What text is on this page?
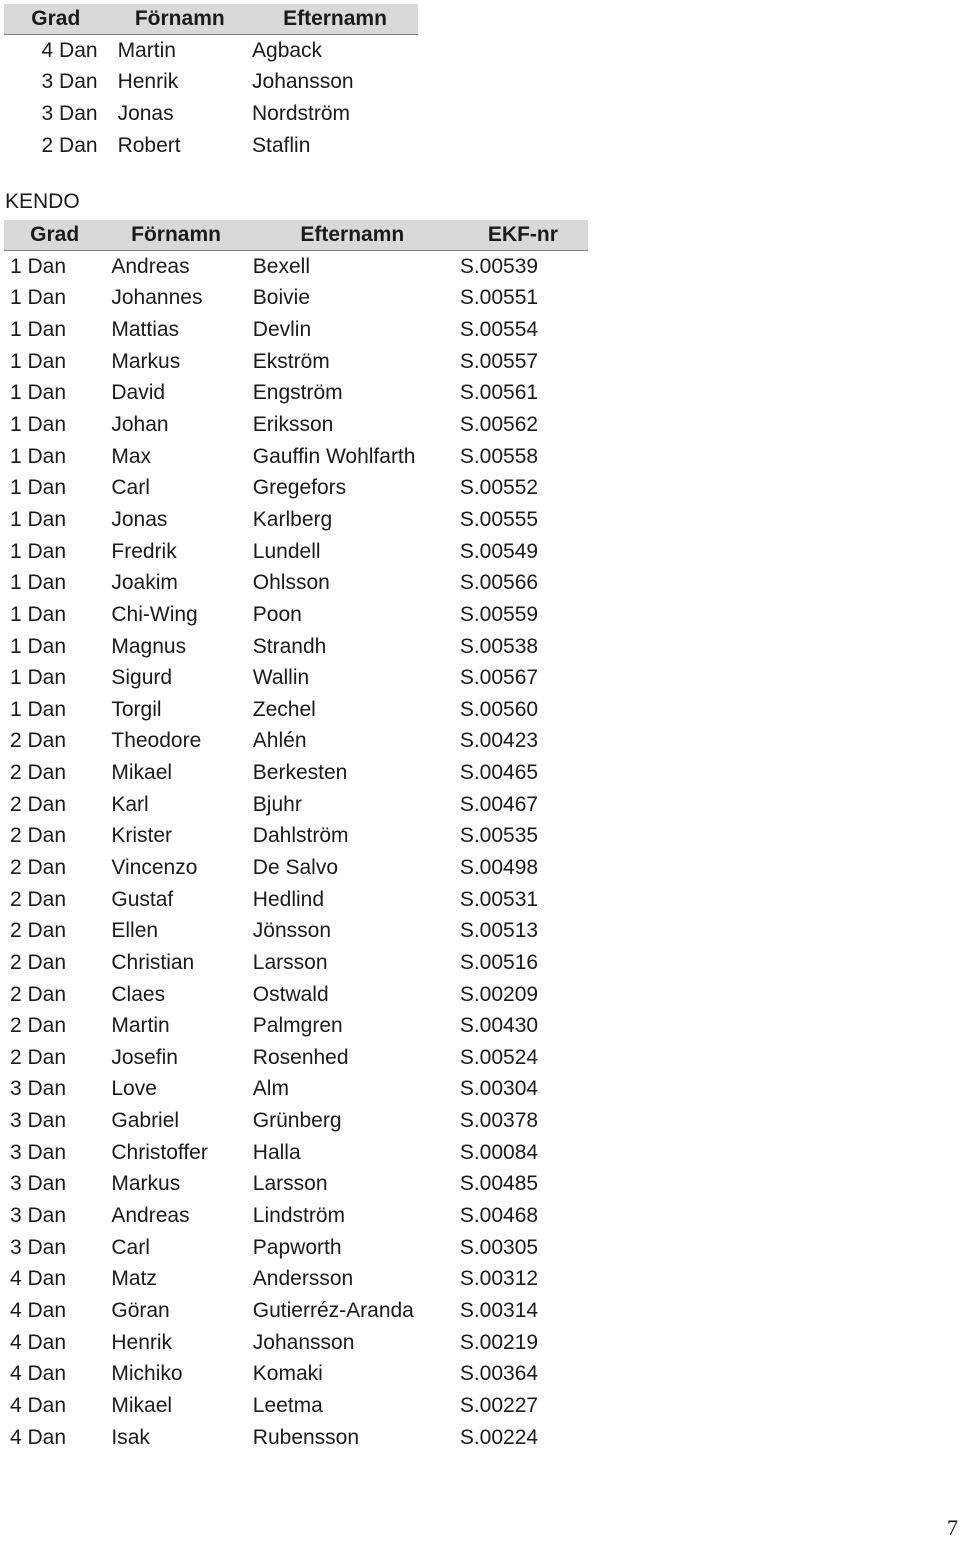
Grad	Förnamn	Efternamn
4 Dan	Martin	Agback
3 Dan	Henrik	Johansson
3 Dan	Jonas	Nordström
2 Dan	Robert	Staflin
KENDO
Grad	Förnamn	Efternamn	EKF-nr
1 Dan	Andreas	Bexell	S.00539
1 Dan	Johannes	Boivie	S.00551
1 Dan	Mattias	Devlin	S.00554
1 Dan	Markus	Ekström	S.00557
1 Dan	David	Engström	S.00561
1 Dan	Johan	Eriksson	S.00562
1 Dan	Max	Gauffin Wohlfarth	S.00558
1 Dan	Carl	Gregefors	S.00552
1 Dan	Jonas	Karlberg	S.00555
1 Dan	Fredrik	Lundell	S.00549
1 Dan	Joakim	Ohlsson	S.00566
1 Dan	Chi-Wing	Poon	S.00559
1 Dan	Magnus	Strandh	S.00538
1 Dan	Sigurd	Wallin	S.00567
1 Dan	Torgil	Zechel	S.00560
2 Dan	Theodore	Ahlén	S.00423
2 Dan	Mikael	Berkesten	S.00465
2 Dan	Karl	Bjuhr	S.00467
2 Dan	Krister	Dahlström	S.00535
2 Dan	Vincenzo	De Salvo	S.00498
2 Dan	Gustaf	Hedlind	S.00531
2 Dan	Ellen	Jönsson	S.00513
2 Dan	Christian	Larsson	S.00516
2 Dan	Claes	Ostwald	S.00209
2 Dan	Martin	Palmgren	S.00430
2 Dan	Josefin	Rosenhed	S.00524
3 Dan	Love	Alm	S.00304
3 Dan	Gabriel	Grünberg	S.00378
3 Dan	Christoffer	Halla	S.00084
3 Dan	Markus	Larsson	S.00485
3 Dan	Andreas	Lindström	S.00468
3 Dan	Carl	Papworth	S.00305
4 Dan	Matz	Andersson	S.00312
4 Dan	Göran	Gutierréz-Aranda	S.00314
4 Dan	Henrik	Johansson	S.00219
4 Dan	Michiko	Komaki	S.00364
4 Dan	Mikael	Leetma	S.00227
4 Dan	Isak	Rubensson	S.00224
7
